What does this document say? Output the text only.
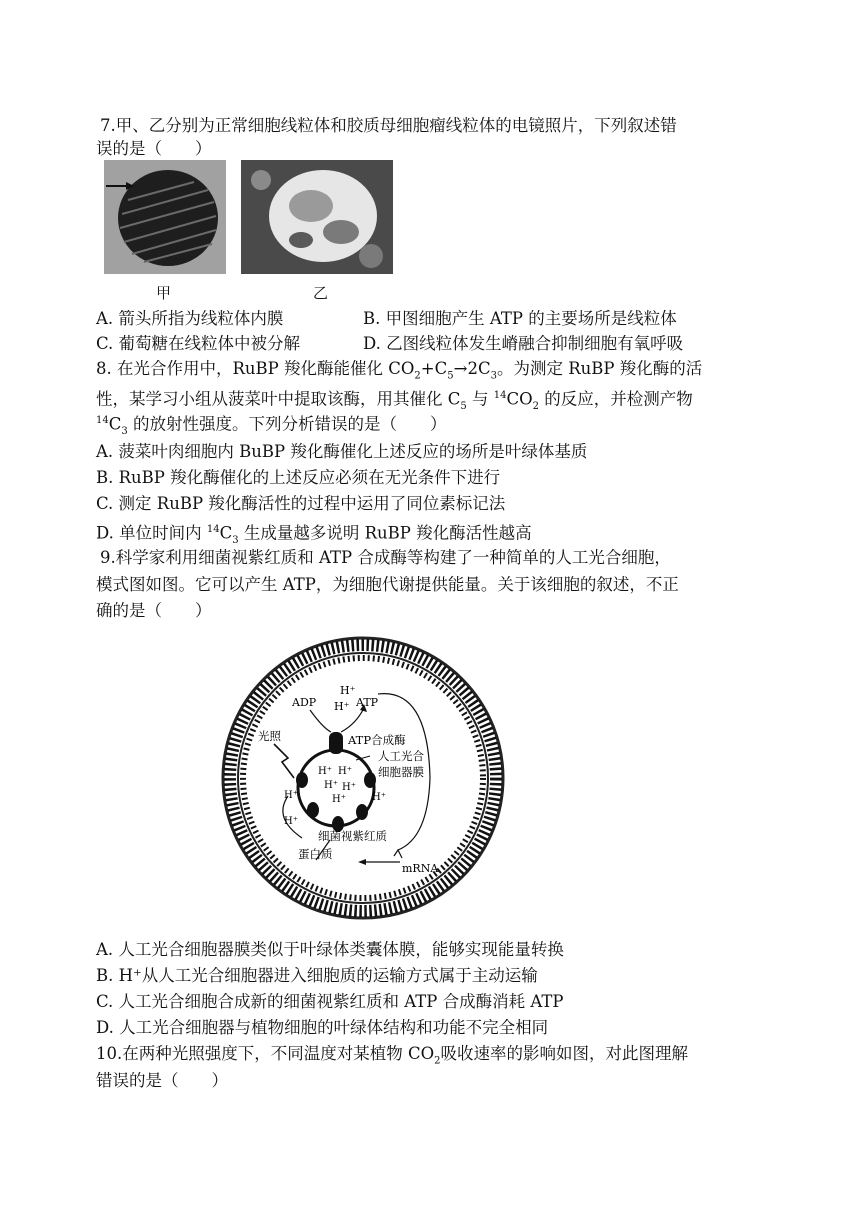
7.甲、乙分别为正常细胞线粒体和胶质母细胞瘤线粒体的电镜照片，下列叙述错
误的是（　　）
甲	乙
A. 箭头所指为线粒体内膜	B. 甲图细胞产生 ATP 的主要场所是线粒体
C. 葡萄糖在线粒体中被分解	D. 乙图线粒体发生嵴融合抑制细胞有氧呼吸
8. 在光合作用中，RuBP 羧化酶能催化 $CO_2+C_5\to 2C_3$。为测定 RuBP 羧化酶的活
性，某学习小组从菠菜叶中提取该酶，用其催化 $C_5$ 与 $^{14}CO_2$ 的反应，并检测产物
$^{14}C_3$ 的放射性强度。下列分析错误的是（　　）
A. 菠菜叶肉细胞内 BuBP 羧化酶催化上述反应的场所是叶绿体基质
B. RuBP 羧化酶催化的上述反应必须在无光条件下进行
C. 测定 RuBP 羧化酶活性的过程中运用了同位素标记法
D. 单位时间内 $^{14}C_3$ 生成量越多说明 RuBP 羧化酶活性越高
9.科学家利用细菌视紫红质和 ATP 合成酶等构建了一种简单的人工光合细胞，
模式图如图。它可以产生 ATP，为细胞代谢提供能量。关于该细胞的叙述，不正
确的是（　　）
H⁺
ADP H⁺ ATP
ATP合成酶
光照
人工光合
细胞器膜
H⁺ H⁺
H⁺ H⁺
H⁺
H⁺
H⁺
H⁺
细菌视紫红质
蛋白质
mRNA
A. 人工光合细胞器膜类似于叶绿体类囊体膜，能够实现能量转换
B. H⁺从人工光合细胞器进入细胞质的运输方式属于主动运输
C. 人工光合细胞合成新的细菌视紫红质和 ATP 合成酶消耗 ATP
D. 人工光合细胞器与植物细胞的叶绿体结构和功能不完全相同
10.在两种光照强度下，不同温度对某植物 $CO_2$吸收速率的影响如图，对此图理解
错误的是（　　）
